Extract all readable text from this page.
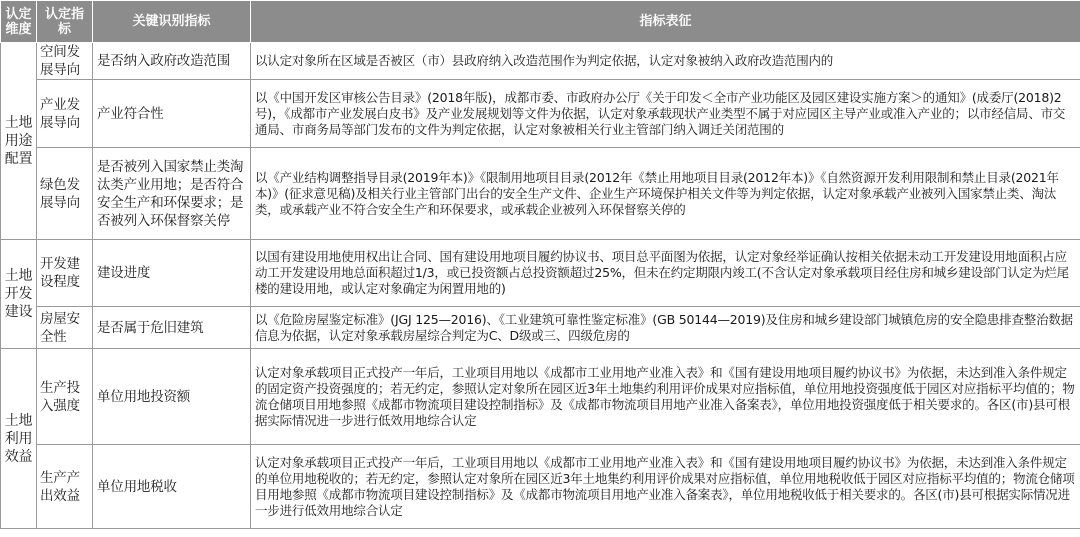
认定维度	认定指标	关键识别指标	指标表征
土地用途配置	空间发展导向	是否纳入政府改造范围	以认定对象所在区域是否被区（市）县政府纳入改造范围作为判定依据，认定对象被纳入政府改造范围内的
	产业发展导向	产业符合性	以《中国开发区审核公告目录》(2018年版)，成都市委、市政府办公厅《关于印发＜全市产业功能区及园区建设实施方案＞的通知》(成委厅(2018)2号)，《成都市产业发展白皮书》及产业发展规划等文件为依据，认定对象承载现状产业类型不属于对应园区主导产业或准入产业的；以市经信局、市交通局、市商务局等部门发布的文件为判定依据，认定对象被相关行业主管部门纳入调迁关闭范围的
	绿色发展导向	是否被列入国家禁止类淘汰类产业用地；是否符合安全生产和环保要求；是否被列入环保督察关停	以《产业结构调整指导目录(2019年本)》《限制用地项目目录(2012年《禁止用地项目目录(2012年本)》《自然资源开发利用限制和禁止目录(2021年本)》(征求意见稿)及相关行业主管部门出台的安全生产文件、企业生产环境保护相关文件等为判定依据，认定对象承载产业被列入国家禁止类、淘汰类，或承载产业不符合安全生产和环保要求，或承载企业被列入环保督察关停的
土地开发建设	开发建设程度	建设进度	以国有建设用地使用权出让合同、国有建设用地项目履约协议书、项目总平面图为依据，认定对象经举证确认按相关依据未动工开发建设用地面积占应动工开发建设用地总面积超过1/3，或已投资额占总投资额超过25%，但未在约定期限内竣工(不含认定对象承载项目经住房和城乡建设部门认定为烂尾楼的建设用地，或认定对象确定为闲置用地的)
	房屋安全性	是否属于危旧建筑	以《危险房屋鉴定标准》(JGJ 125—2016)、《工业建筑可靠性鉴定标准》(GB 50144—2019)及住房和城乡建设部门城镇危房的安全隐患排查整治数据信息为依据，认定对象承载房屋综合判定为C、D级或三、四级危房的
土地利用效益	生产投入强度	单位用地投资额	认定对象承载项目正式投产一年后，工业项目用地以《成都市工业用地产业准入表》和《国有建设用地项目履约协议书》为依据，未达到准入条件规定的固定资产投资强度的；若无约定，参照认定对象所在园区近3年土地集约利用评价成果对应指标值，单位用地投资强度低于园区对应指标平均值的；物流仓储项目用地参照《成都市物流项目建设控制指标》及《成都市物流项目用地产业准入备案表》，单位用地投资强度低于相关要求的。各区(市)县可根据实际情况进一步进行低效用地综合认定
	生产产出效益	单位用地税收	认定对象承载项目正式投产一年后，工业项目用地以《成都市工业用地产业准入表》和《国有建设用地项目履约协议书》为依据，未达到准入条件规定的单位用地税收的；若无约定，参照认定对象所在园区近3年土地集约利用评价成果对应指标值，单位用地税收低于园区对应指标平均值的；物流仓储项目用地参照《成都市物流项目建设控制指标》及《成都市物流项目用地产业准入备案表》，单位用地税收低于相关要求的。各区(市)县可根据实际情况进一步进行低效用地综合认定
